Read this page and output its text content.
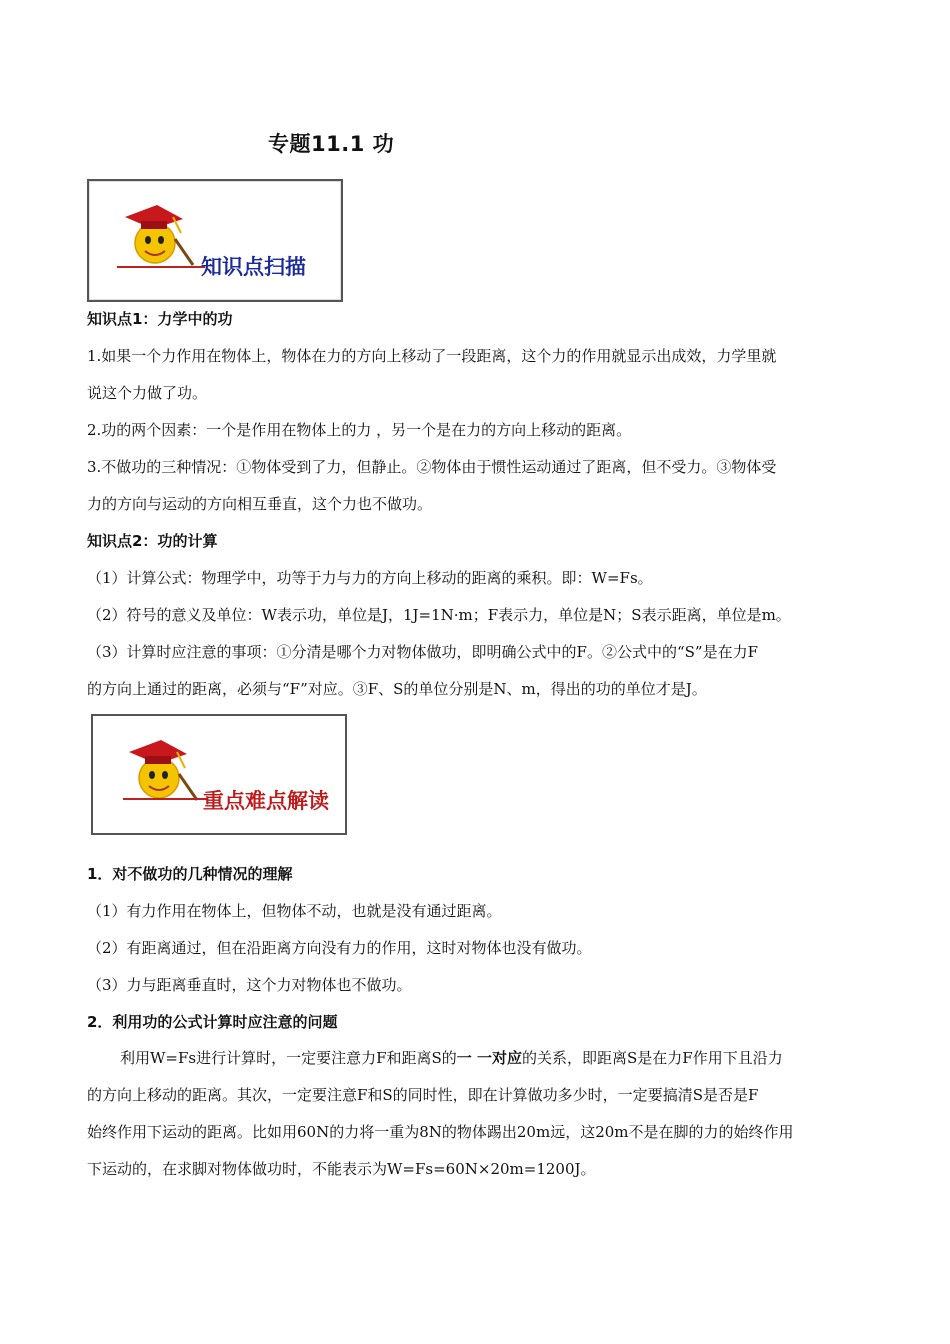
专题11.1 功
知识点扫描
知识点1：力学中的功
1.如果一个力作用在物体上，物体在力的方向上移动了一段距离，这个力的作用就显示出成效，力学里就
说这个力做了功。
2.功的两个因素：一个是作用在物体上的力 ，另一个是在力的方向上移动的距离。
3.不做功的三种情况：①物体受到了力，但静止。②物体由于惯性运动通过了距离，但不受力。③物体受
力的方向与运动的方向相互垂直，这个力也不做功。
知识点2：功的计算
（1）计算公式：物理学中，功等于力与力的方向上移动的距离的乘积。即：W=Fs。
（2）符号的意义及单位：W表示功，单位是J，1J=1N·m；F表示力，单位是N；S表示距离，单位是m。
（3）计算时应注意的事项：①分清是哪个力对物体做功，即明确公式中的F。②公式中的“S”是在力F
的方向上通过的距离，必须与“F”对应。③F、S的单位分别是N、m，得出的功的单位才是J。
重点难点解读
1．对不做功的几种情况的理解
（1）有力作用在物体上，但物体不动，也就是没有通过距离。
（2）有距离通过，但在沿距离方向没有力的作用，这时对物体也没有做功。
（3）力与距离垂直时，这个力对物体也不做功。
2．利用功的公式计算时应注意的问题
利用W=Fs进行计算时，一定要注意力F和距离S的一 一对应的关系，即距离S是在力F作用下且沿力
的方向上移动的距离。其次，一定要注意F和S的同时性，即在计算做功多少时，一定要搞清S是否是F
始终作用下运动的距离。比如用60N的力将一重为8N的物体踢出20m远，这20m不是在脚的力的始终作用
下运动的，在求脚对物体做功时，不能表示为W=Fs=60N×20m=1200J。
